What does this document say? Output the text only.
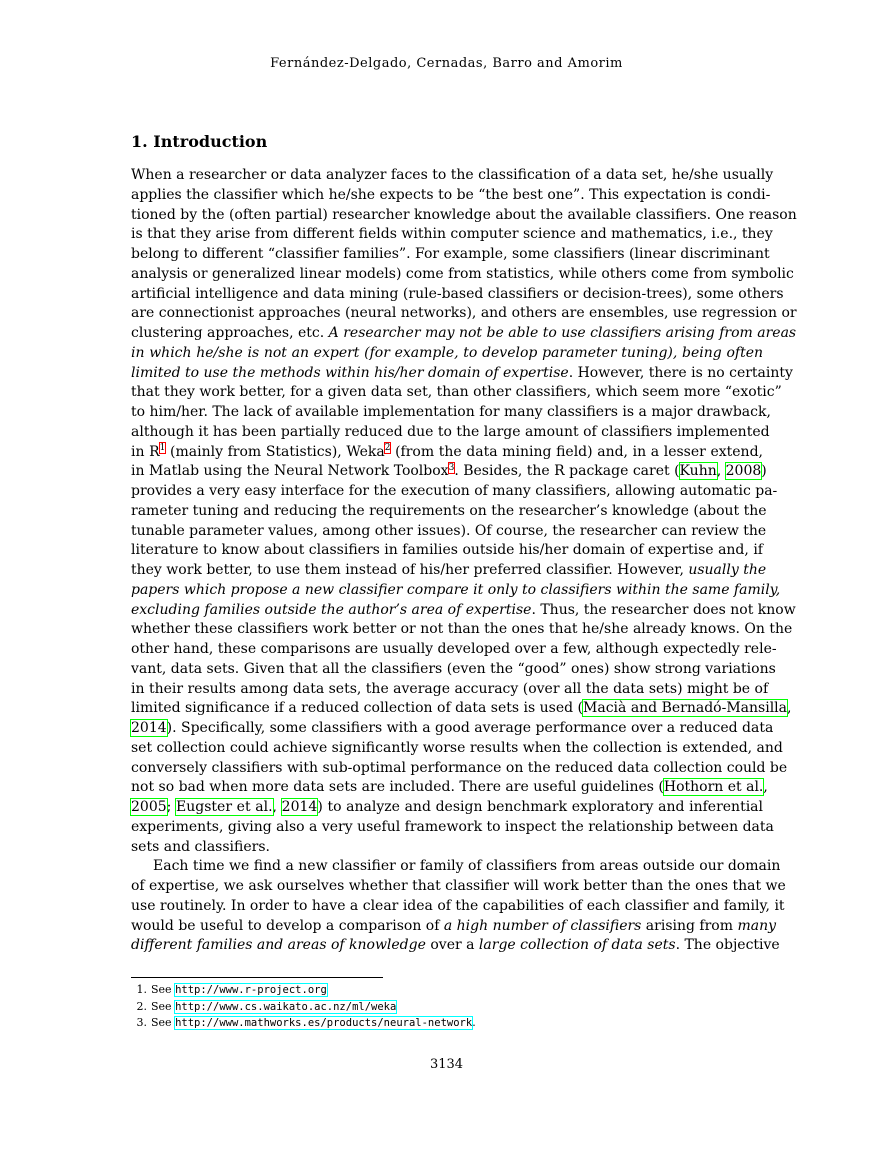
Fernández-Delgado, Cernadas, Barro and Amorim
1. Introduction
When a researcher or data analyzer faces to the classification of a data set, he/she usually
applies the classifier which he/she expects to be “the best one”. This expectation is condi-
tioned by the (often partial) researcher knowledge about the available classifiers. One reason
is that they arise from different fields within computer science and mathematics, i.e., they
belong to different “classifier families”. For example, some classifiers (linear discriminant
analysis or generalized linear models) come from statistics, while others come from symbolic
artificial intelligence and data mining (rule-based classifiers or decision-trees), some others
are connectionist approaches (neural networks), and others are ensembles, use regression or
clustering approaches, etc. A researcher may not be able to use classifiers arising from areas
in which he/she is not an expert (for example, to develop parameter tuning), being often
limited to use the methods within his/her domain of expertise. However, there is no certainty
that they work better, for a given data set, than other classifiers, which seem more “exotic”
to him/her. The lack of available implementation for many classifiers is a major drawback,
although it has been partially reduced due to the large amount of classifiers implemented
in R$^1$ (mainly from Statistics), Weka$^2$ (from the data mining field) and, in a lesser extend,
in Matlab using the Neural Network Toolbox$^3$. Besides, the R package caret (Kuhn, 2008)
provides a very easy interface for the execution of many classifiers, allowing automatic pa-
rameter tuning and reducing the requirements on the researcher’s knowledge (about the
tunable parameter values, among other issues). Of course, the researcher can review the
literature to know about classifiers in families outside his/her domain of expertise and, if
they work better, to use them instead of his/her preferred classifier. However, usually the
papers which propose a new classifier compare it only to classifiers within the same family,
excluding families outside the author’s area of expertise. Thus, the researcher does not know
whether these classifiers work better or not than the ones that he/she already knows. On the
other hand, these comparisons are usually developed over a few, although expectedly rele-
vant, data sets. Given that all the classifiers (even the “good” ones) show strong variations
in their results among data sets, the average accuracy (over all the data sets) might be of
limited significance if a reduced collection of data sets is used (Macià and Bernadó-Mansilla,
2014). Specifically, some classifiers with a good average performance over a reduced data
set collection could achieve significantly worse results when the collection is extended, and
conversely classifiers with sub-optimal performance on the reduced data collection could be
not so bad when more data sets are included. There are useful guidelines (Hothorn et al.,
2005; Eugster et al., 2014) to analyze and design benchmark exploratory and inferential
experiments, giving also a very useful framework to inspect the relationship between data
sets and classifiers.
Each time we find a new classifier or family of classifiers from areas outside our domain
of expertise, we ask ourselves whether that classifier will work better than the ones that we
use routinely. In order to have a clear idea of the capabilities of each classifier and family, it
would be useful to develop a comparison of a high number of classifiers arising from many
different families and areas of knowledge over a large collection of data sets. The objective
1. See http://www.r-project.org
2. See http://www.cs.waikato.ac.nz/ml/weka
3. See http://www.mathworks.es/products/neural-network.
3134
